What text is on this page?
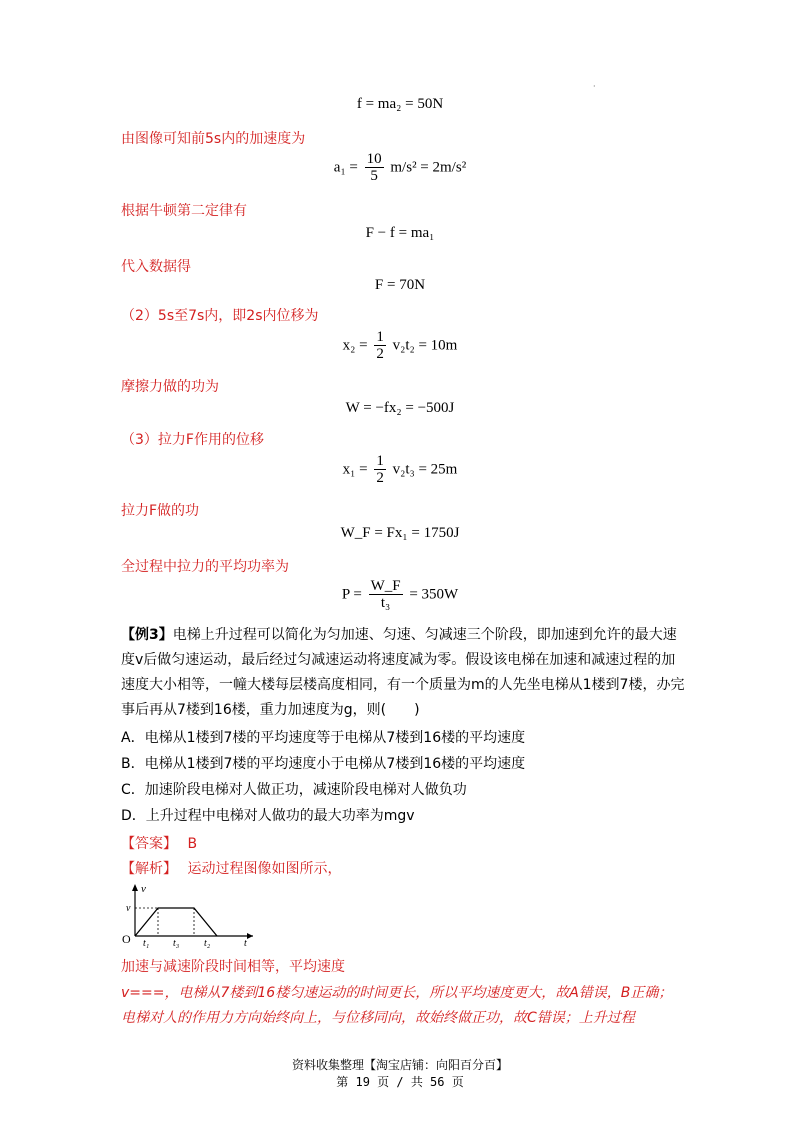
·
f = ma₂ = 50N
由图像可知前5s内的加速度为
$a_1 = \frac{10}{5} m/s^2 = 2m/s^2$
根据牛顿第二定律有
F − f = ma₁
代入数据得
F = 70N
（2）5s至7s内，即2s内位移为
$x_2 = \frac{1}{2} v_2t_2 = 10m$
摩擦力做的功为
W = −fx₂ = −500J
（3）拉力F作用的位移
$x_1 = \frac{1}{2} v_2t_3 = 25m$
拉力F做的功
W_F = Fx₁ = 1750J
全过程中拉力的平均功率为
$P = \frac{W\_F}{\text{t₃}} = 350W$
【例3】电梯上升过程可以简化为匀加速、匀速、匀减速三个阶段，即加速到允许的最大速度v后做匀速运动，最后经过匀减速运动将速度减为零。假设该电梯在加速和减速过程的加速度大小相等，一幢大楼每层楼高度相同，有一个质量为m的人先坐电梯从1楼到7楼，办完事后再从7楼到16楼，重力加速度为g，则(　　)
A．电梯从1楼到7楼的平均速度等于电梯从7楼到16楼的平均速度
B．电梯从1楼到7楼的平均速度小于电梯从7楼到16楼的平均速度
C．加速阶段电梯对人做正功，减速阶段电梯对人做负功
D．上升过程中电梯对人做功的最大功率为mgv
【答案】 B
【解析】 运动过程图像如图所示，
v
v
O t₁ t₃ t₂	t
加速与减速阶段时间相等，平均速度
v===，电梯从7楼到16楼匀速运动的时间更长，所以平均速度更大，故A错误，B正确；电梯对人的作用力方向始终向上，与位移同向，故始终做正功，故C错误；上升过程
资料收集整理【淘宝店铺：向阳百分百】
第 19 页 / 共 56 页
